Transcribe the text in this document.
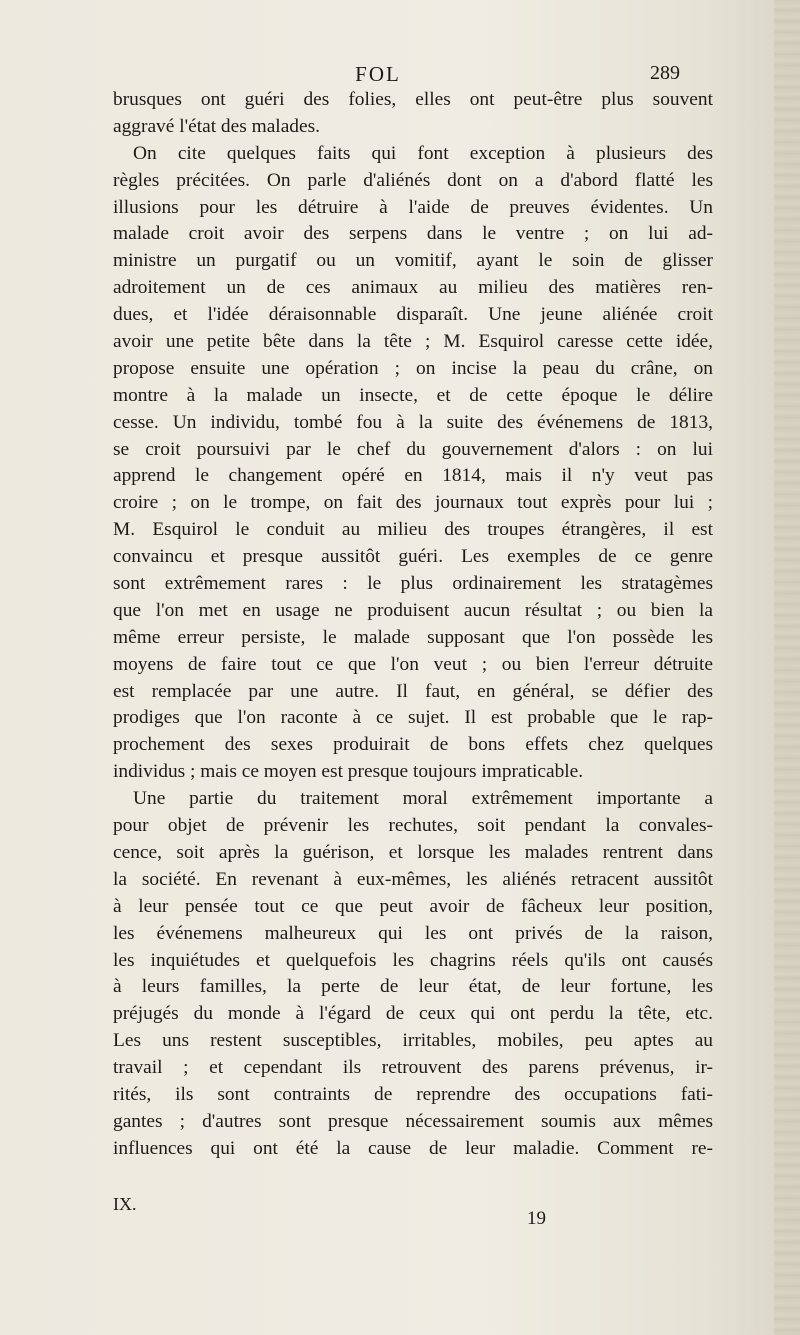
FOL	289
brusques ont guéri des folies, elles ont peut-être plus souvent
aggravé l'état des malades.
On cite quelques faits qui font exception à plusieurs des
règles précitées. On parle d'aliénés dont on a d'abord flatté les
illusions pour les détruire à l'aide de preuves évidentes. Un
malade croit avoir des serpens dans le ventre ; on lui ad-
ministre un purgatif ou un vomitif, ayant le soin de glisser
adroitement un de ces animaux au milieu des matières ren-
dues, et l'idée déraisonnable disparaît. Une jeune aliénée croit
avoir une petite bête dans la tête ; M. Esquirol caresse cette idée,
propose ensuite une opération ; on incise la peau du crâne, on
montre à la malade un insecte, et de cette époque le délire
cesse. Un individu, tombé fou à la suite des événemens de 1813,
se croit poursuivi par le chef du gouvernement d'alors : on lui
apprend le changement opéré en 1814, mais il n'y veut pas
croire ; on le trompe, on fait des journaux tout exprès pour lui ;
M. Esquirol le conduit au milieu des troupes étrangères, il est
convaincu et presque aussitôt guéri. Les exemples de ce genre
sont extrêmement rares : le plus ordinairement les stratagèmes
que l'on met en usage ne produisent aucun résultat ; ou bien la
même erreur persiste, le malade supposant que l'on possède les
moyens de faire tout ce que l'on veut ; ou bien l'erreur détruite
est remplacée par une autre. Il faut, en général, se défier des
prodiges que l'on raconte à ce sujet. Il est probable que le rap-
prochement des sexes produirait de bons effets chez quelques
individus ; mais ce moyen est presque toujours impraticable.
Une partie du traitement moral extrêmement importante a
pour objet de prévenir les rechutes, soit pendant la convales-
cence, soit après la guérison, et lorsque les malades rentrent dans
la société. En revenant à eux-mêmes, les aliénés retracent aussitôt
à leur pensée tout ce que peut avoir de fâcheux leur position,
les événemens malheureux qui les ont privés de la raison,
les inquiétudes et quelquefois les chagrins réels qu'ils ont causés
à leurs familles, la perte de leur état, de leur fortune, les
préjugés du monde à l'égard de ceux qui ont perdu la tête, etc.
Les uns restent susceptibles, irritables, mobiles, peu aptes au
travail ; et cependant ils retrouvent des parens prévenus, ir-
rités, ils sont contraints de reprendre des occupations fati-
gantes ; d'autres sont presque nécessairement soumis aux mêmes
influences qui ont été la cause de leur maladie. Comment re-
IX.
19
